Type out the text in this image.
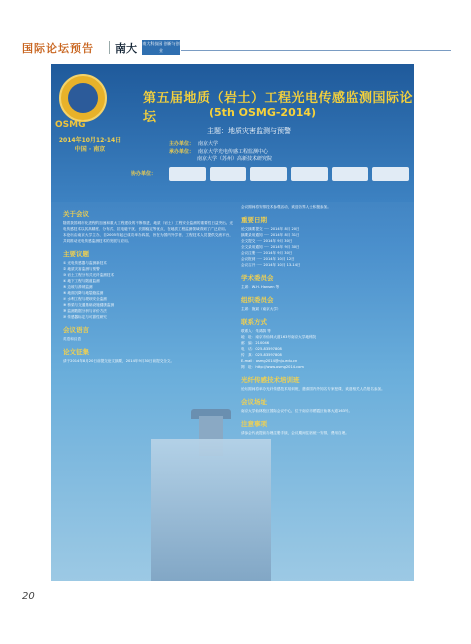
国际论坛预告 南大 南大科技园 创新与创业
OSMG
2014年10月12-14日
中国 · 南京
第五届地质（岩土）工程光电传感监测国际论坛	(5th OSMG-2014)
主题：地质灾害监测与预警
主办单位： 南京大学
承办单位： 南京大学光电传感工程监测中心
南京大学（苏州）高新技术研究院
协办单位：
关于会议
随着我国城市化进程的加速和重大工程建设的不断推进，地质（岩土）工程安全监测的重要性日益突出。光电传感技术以其高精度、分布式、抗电磁干扰、长期稳定等优点，在地质工程监测领域得到了广泛应用。
本论坛由南京大学主办，自2005年起已成功举办四届，旨在为国内外学者、工程技术人员提供交流平台，共同推动光电传感监测技术的发展与应用。
主要议题
① 光电传感器与监测新技术
② 地质灾害监测与预警
③ 岩土工程分布式光纤监测技术
④ 地下工程与隧道监测
⑤ 边坡与滑坡监测
⑥ 地面沉降与地裂缝监测
⑦ 水利工程与堤坝安全监测
⑧ 桥梁与交通基础设施健康监测
⑨ 监测数据分析与评价方法
⑩ 传感器标定与可靠性研究
会议语言
英语和汉语
论文征集
请于2014年8月20日前提交论文摘要，2014年9月30日前提交全文。
会议期间将安排技术参观活动，欢迎各界人士积极参加。
重要日期
论文摘要提交 ····· 2014年 8月 20日
摘要录用通知 ····· 2014年 8月 31日
全文提交 ····· 2014年 9月 30日
全文录用通知 ····· 2014年 9月 30日
会议注册 ····· 2014年 9月 30日
会议报到 ····· 2014年 10月 12日
会议召开 ····· 2014年 10月 13-14日
学术委员会
主席：W.H. Hansen 等
组织委员会
主席：施斌（南京大学）
联系方式
联系人：朱鸿鹄 等
地　址：南京市仙林大道163号南京大学地科院
邮　编：210046
电　话：025-83597808
传　真：025-83597808
E-mail：osmg2014@nju.edu.cn
网　址：http://www.osmg2014.com
光纤传感技术培训班
论坛期间将举办光纤传感技术培训班，邀请国内外知名专家授课，欢迎相关人员报名参加。
会议场址
南京大学仙林校区国际会议中心，位于南京市栖霞区仙林大道163号。
注意事项
请参会代表提前办理注册手续，会议期间住宿统一安排，费用自理。
20
